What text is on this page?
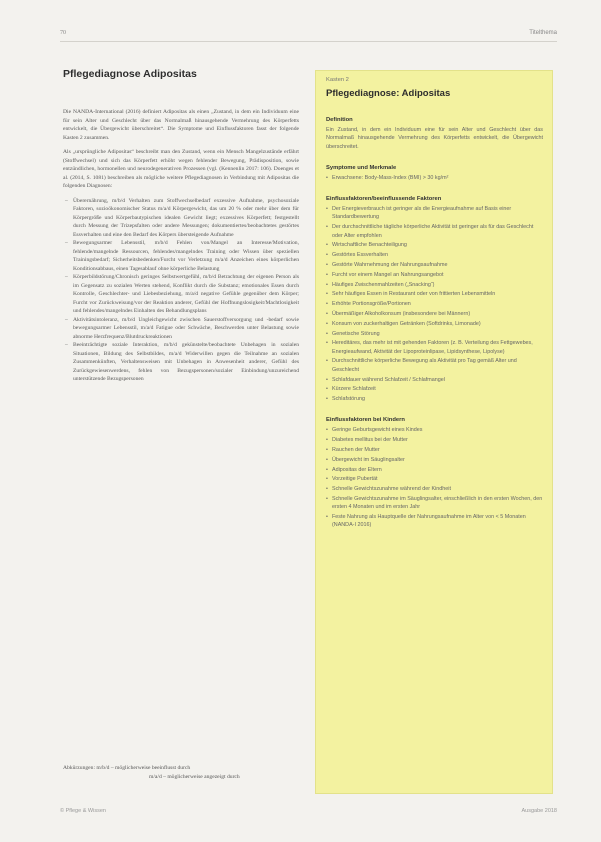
70	Titelthema
Pflegediagnose Adipositas

Die NANDA-International (2016) definiert Adipositas als einen „Zustand, in dem ein Individuum eine für sein Alter und Geschlecht über das Normalmaß hinausgehende Vermehrung des Körperfetts entwickelt, die Übergewicht überschreitet“. Die Symptome und Einflussfaktoren fasst der folgende Kasten 2 zusammen.

Als „ursprüngliche Adipositas“ beschreibt man den Zustand, wenn ein Mensch Mangelzustände erfährt (Stoffwechsel) und sich das Körperfett erhöht wegen fehlender Bewegung, Prädisposition, sowie entzündlichen, hormonellen und neurodegenerativen Prozessen (vgl. (Kennenlin 2017: 106). Doenges et al. (2014, S. 1081) beschreiben als mögliche weitere Pflegediagnosen in Verbindung mit Adipositas die folgenden Diagnosen:

– Überernährung, m/b/d Verhalten zum Stoffwechselbedarf exzessive Aufnahme, psychosoziale Faktoren, sozioökonomischer Status m/a/d Körpergewicht, das um 20 % oder mehr über dem für Körpergröße und Körperbautypischen idealen Gewicht liegt; exzessives Körperfett; festgestellt durch Messung der Trizepsfalten oder andere Messungen; dokumentiertes/beobachtetes gestörtes Essverhalten und eine den Bedarf des Körpers übersteigende Aufnahme
– Bewegungsarmer Lebensstil, m/b/d Fehlen von/Mangel an Interesse/Motivation, fehlende/mangelnde Ressourcen, fehlendes/mangelndes Training oder Wissen über speziellen Trainingsbedarf; Sicherheitsbedenken/Furcht vor Verletzung m/a/d Anzeichen eines körperlichen Konditionsabbaus, einen Tagesablauf ohne körperliche Belastung
– Körperbildstörung/Chronisch geringes Selbstwertgefühl, m/b/d Betrachtung der eigenen Person als im Gegensatz zu sozialen Werten stehend, Konflikt durch die Substanz; emotionales Essen durch Kontrolle, Geschlechter- und Liebesbeziehung, m/a/d negative Gefühle gegenüber dem Körper; Furcht vor Zurückweisung/vor der Reaktion anderer, Gefühl der Hoffnungslosigkeit/Machtlosigkeit und fehlendes/mangelndes Einhalten des Behandlungsplans
– Aktivitätsintoleranz, m/b/d Ungleichgewicht zwischen Sauerstoffversorgung und -bedarf sowie bewegungsarmer Lebensstil, m/a/d Fatigue oder Schwäche, Beschwerden unter Belastung sowie abnorme Herzfrequenz/Blutdruckreaktionen
– Beeinträchtigte soziale Interaktion, m/b/d gekünstelte/beobachtete Unbehagen in sozialen Situationen, Bildung des Selbstbildes, m/a/d Widerwillen gegen die Teilnahme an sozialen Zusammenkünften, Verhaltensweisen mit Unbehagen in Anwesenheit anderer, Gefühl des Zurückgewiesenwerdens, fehlen von Bezugspersonen/sozialer Einbindung/unzureichend unterstützende Bezugspersonen
Abkürzungen: m/b/d – möglicherweise beeinflusst durch
m/a/d – möglicherweise angezeigt durch
Kasten 2
Pflegediagnose: Adipositas
Definition

Ein Zustand, in dem ein Individuum eine für sein Alter und Geschlecht über das Normalmaß hinausgehende Vermehrung des Körperfetts entwickelt, die Übergewicht überschreitet.

Symptome und Merkmale
• Erwachsene: Body-Mass-Index (BMI) > 30 kg/m²
Einflussfaktoren/beeinflussende Faktoren
• Der Energieverbrauch ist geringer als die Energieaufnahme auf Basis einer Standardbewertung
• Der durchschnittliche tägliche körperliche Aktivität ist geringer als für das Geschlecht oder Alter empfohlen
• Wirtschaftliche Benachteiligung
• Gestörtes Essverhalten
• Gestörte Wahrnehmung der Nahrungsaufnahme
• Furcht vor einem Mangel an Nahrungsangebot
• Häufiges Zwischenmahlzeiten („Snacking“)
• Sehr häufiges Essen in Restaurant oder von frittierten Lebensmitteln
• Erhöhte Portionsgröße/Portionen
• Übermäßiger Alkoholkonsum (insbesondere bei Männern)
• Konsum von zuckerhaltigen Getränken (Softdrinks, Limonade)
• Genetische Störung
• Hereditäres, das mehr ist mit gehenden Faktoren (z. B. Verteilung des Fettgewebes, Energieaufwand, Aktivität der Lipoproteinlipase, Lipidsynthese, Lipolyse)
• Durchschnittliche körperliche Bewegung als Aktivität pro Tag gemäß Alter und Geschlecht
• Schlafdauer während Schlafzeit / Schlafmangel
• Kürzere Schlafzeit
• Schlafstörung
Einflussfaktoren bei Kindern
• Geringe Geburtsgewicht eines Kindes
• Diabetes mellitus bei der Mutter
• Rauchen der Mutter
• Übergewicht im Säuglingsalter
• Adipositas der Eltern
• Vorzeitige Pubertät
• Schnelle Gewichtszunahme während der Kindheit
• Schnelle Gewichtszunahme im Säuglingsalter, einschließlich in den ersten Wochen, den ersten 4 Monaten und im ersten Jahr
• Feste Nahrung als Hauptquelle der Nahrungsaufnahme im Alter von < 5 Monaten (NANDA-I 2016)
© Pflege & Wissen	Ausgabe 2018
